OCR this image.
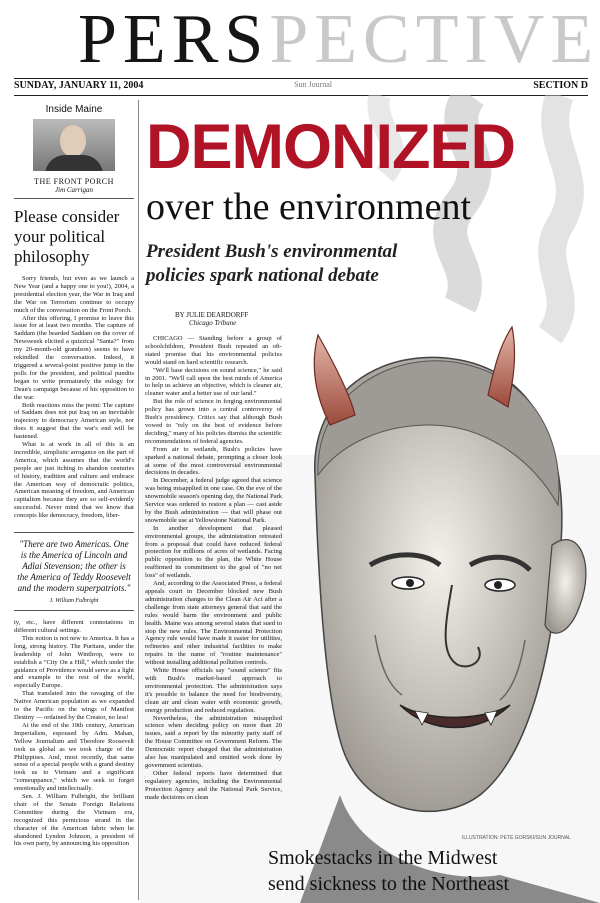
PERSPECTIVE
SUNDAY, JANUARY 11, 2004	Sun Journal	SECTION D
Inside Maine
THE FRONT PORCH
Jim Carrigan
Please consider your political philosophy

Sorry friends, but even as we launch a New Year (and a happy one to you!), 2004, a presidential election year, the War in Iraq and the War on Terrorism continue to occupy much of the conversation on the Front Porch.

After this offering, I promise to leave this issue for at least two months. The capture of Saddam (the bearded Saddam on the cover of Newsweek elicited a quizzical "Santa?" from my 20-month-old grandson) seems to have rekindled the conversation. Indeed, it triggered a several-point positive jump in the polls for the president, and political pundits began to write prematurely the eulogy for Dean's campaign because of his opposition to the war.

Both reactions miss the point: The capture of Saddam does not put Iraq on an inevitable trajectory to democracy American style, nor does it suggest that the war's end will be hastened.

What is at work in all of this is an incredible, simplistic arrogance on the part of America, which assumes that the world's people are just itching to abandon centuries of history, tradition and culture and embrace the American way of democratic politics, American meaning of freedom, and American capitalism because they are so self-evidently successful. Never mind that we know that concepts like democracy, freedom, liber-

"There are two Americas. One is the America of Lincoln and Adlai Stevenson; the other is the America of Teddy Roosevelt and the modern superpatriots."
J. William Fulbright

ty, etc., have different connotations in different cultural settings.

This notion is not new to America. It has a long, strong history. The Puritans, under the leadership of John Winthrop, were to establish a "City On a Hill," which under the guidance of Providence would serve as a light and example to the rest of the world, especially Europe.

That translated into the ravaging of the Native American population as we expanded to the Pacific on the wings of Manifest Destiny — ordained by the Creator, no less!

At the end of the 19th century, American Imperialism, espoused by Adm. Mahan, Yellow Journalism and Theodore Roosevelt took us global as we took charge of the Philippines. And, most recently, that same sense of a special people with a grand destiny took us to Vietnam and a significant "comeuppance," which we seek to forget emotionally and intellectually.

Sen. J. William Fulbright, the brilliant chair of the Senate Foreign Relations Committee during the Vietnam era, recognized this pernicious strand in the character of the American fabric when he abandoned Lyndon Johnson, a president of his own party, by announcing his opposition

DEMONIZED
over the environment
President Bush's environmental policies spark national debate
BY JULIE DEARDORFF
Chicago Tribune

CHICAGO — Standing before a group of schoolchildren, President Bush repeated an oft-stated promise that his environmental policies would stand on hard scientific research.

"We'll base decisions on sound science," he said in 2001. "We'll call upon the best minds of America to help us achieve an objective, which is cleaner air, cleaner water and a better use of our land."

But the role of science in forging environmental policy has grown into a central controversy of Bush's presidency. Critics say that although Bush vowed to "rely on the best of evidence before deciding," many of his policies dismiss the scientific recommendations of federal agencies.

From air to wetlands, Bush's policies have sparked a national debate, prompting a closer look at some of the most controversial environmental decisions in decades.

In December, a federal judge agreed that science was being misapplied in one case. On the eve of the snowmobile season's opening day, the National Park Service was ordered to restore a plan — cast aside by the Bush administration — that will phase out snowmobile use at Yellowstone National Park.

In another development that pleased environmental groups, the administration retreated from a proposal that could have reduced federal protection for millions of acres of wetlands. Facing public opposition to the plan, the White House reaffirmed its commitment to the goal of "no net loss" of wetlands.

And, according to the Associated Press, a federal appeals court in December blocked new Bush administration changes to the Clean Air Act after a challenge from state attorneys general that said the rules would harm the environment and public health. Maine was among several states that sued to stop the new rules. The Environmental Protection Agency rule would have made it easier for utilities, refineries and other industrial facilities to make repairs in the name of "routine maintenance" without installing additional pollution controls.

White House officials say "sound science" fits with Bush's market-based approach to environmental protection. The administration says it's possible to balance the need for biodiversity, clean air and clean water with economic growth, energy production and reduced regulation.

Nevertheless, the administration misapplied science when deciding policy on more than 20 issues, said a report by the minority party staff of the House Committee on Government Reform. The Democratic report charged that the administration also has manipulated and omitted work done by government scientists.

Other federal reports have determined that regulatory agencies, including the Environmental Protection Agency and the National Park Service, made decisions on clean

ILLUSTRATION: PETE GORSKI/SUN JOURNAL
Smokestacks in the Midwest
send sickness to the Northeast
